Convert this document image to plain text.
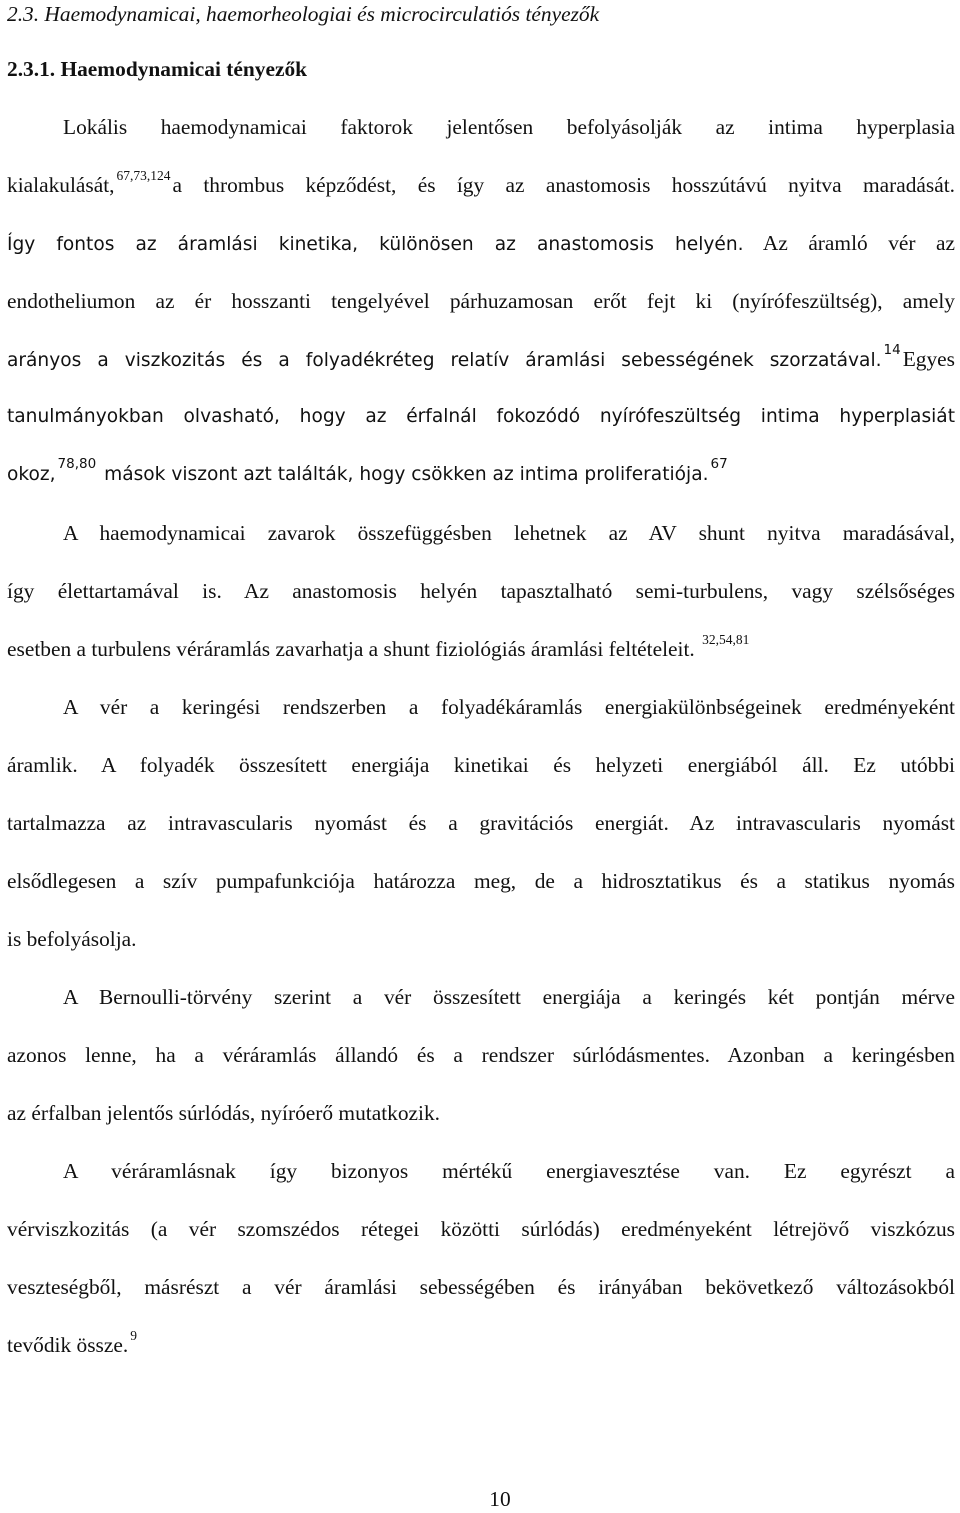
2.3. Haemodynamicai, haemorheologiai és microcirculatiós tényezők
2.3.1. Haemodynamicai tényezők
Lokális haemodynamicai faktorok jelentősen befolyásolják az intima hyperplasia
kialakulását, $^{67,73,124}$a thrombus képződést, és így az anastomosis hosszútávú nyitva maradását.
Így fontos az áramlási kinetika, különösen az anastomosis helyén. Az áramló vér az
endotheliumon az ér hosszanti tengelyével párhuzamosan erőt fejt ki (nyírófeszültség), amely
arányos a viszkozitás és a folyadékréteg relatív áramlási sebességének szorzatával. $^{14}$Egyes
tanulmányokban olvasható, hogy az érfalnál fokozódó nyírófeszültség intima hyperplasiát
okoz, $^{78,80}$ mások viszont azt találták, hogy csökken az intima proliferatiója. $^{67}$
A haemodynamicai zavarok összefüggésben lehetnek az AV shunt nyitva maradásával,
így élettartamával is. Az anastomosis helyén tapasztalható semi-turbulens, vagy szélsőséges
esetben a turbulens véráramlás zavarhatja a shunt fiziológiás áramlási feltételeit. $^{32,54,81}$
A vér a keringési rendszerben a folyadékáramlás energiakülönbségeinek eredményeként
áramlik. A folyadék összesített energiája kinetikai és helyzeti energiából áll. Ez utóbbi
tartalmazza az intravascularis nyomást és a gravitációs energiát. Az intravascularis nyomást
elsődlegesen a szív pumpafunkciója határozza meg, de a hidrosztatikus és a statikus nyomás
is befolyásolja.
A Bernoulli-törvény szerint a vér összesített energiája a keringés két pontján mérve
azonos lenne, ha a véráramlás állandó és a rendszer súrlódásmentes. Azonban a keringésben
az érfalban jelentős súrlódás, nyíróerő mutatkozik.
A véráramlásnak így bizonyos mértékű energiavesztése van. Ez egyrészt a
vérviszkozitás (a vér szomszédos rétegei közötti súrlódás) eredményeként létrejövő viszkózus
veszteségből, másrészt a vér áramlási sebességében és irányában bekövetkező változásokból
tevődik össze. $^9$
10
